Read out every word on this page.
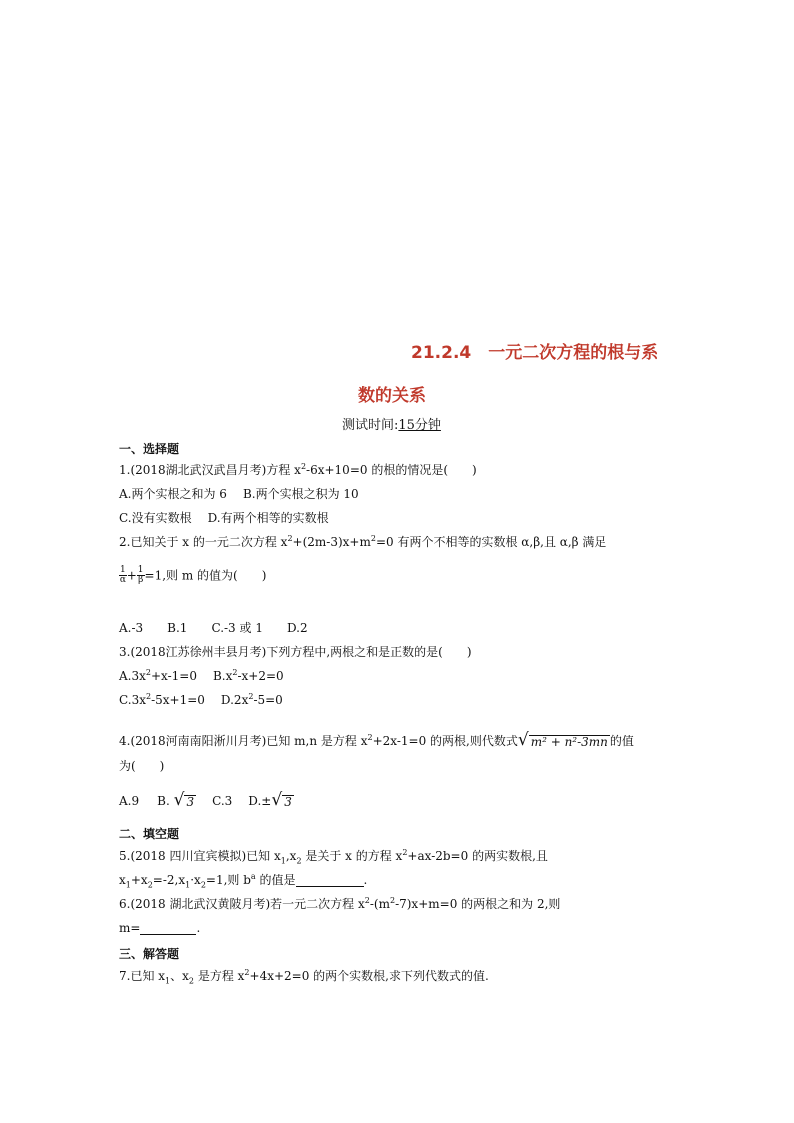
21.2.4　一元二次方程的根与系
数的关系
测试时间:15分钟
一、选择题
1.(2018湖北武汉武昌月考)方程 $x^2-6x+10=0$ 的根的情况是(　　)
A.两个实根之和为 6 B.两个实根之积为 10
C.没有实数根 D.有两个相等的实数根
2.已知关于 x 的一元二次方程 $x^2+(2m-3)x+m^2=0$ 有两个不相等的实数根 α,β,且 α,β 满足
$\frac{1}{\alpha} + \frac{1}{\beta} =1$,则 m 的值为(　　)
A.-3　　B.1　　C.-3 或 1　　D.2
3.(2018江苏徐州丰县月考)下列方程中,两根之和是正数的是(　　)
$A.3x^2+x-1=0$ $B.x^2-x+2=0$
$C.3x^2-5x+1=0$ $D.2x^2-5=0$
4.(2018河南南阳淅川月考)已知 m,n 是方程 $x^2+2x-1=0$ 的两根,则代数式 √ m² + n²-3mn 的值
为(　　)
A.9 B. √ 3 C.3 D.± √ 3
二、填空题
5.(2018 四川宜宾模拟)已知 $x_1,x_2$ 是关于 x 的方程 $x^2+ax-2b=0$ 的两实数根,且
$x_1+x_2=-2,x_1\cdot x_2=1$,则 $b^a$ 的值是	.
6.(2018 湖北武汉黄陂月考)若一元二次方程 $x^2-(m^2-7)x+m=0$ 的两根之和为 2,则
m=	.
三、解答题
7.已知 $x_1$、$x_2$ 是方程 $x^2+4x+2=0$ 的两个实数根,求下列代数式的值.
